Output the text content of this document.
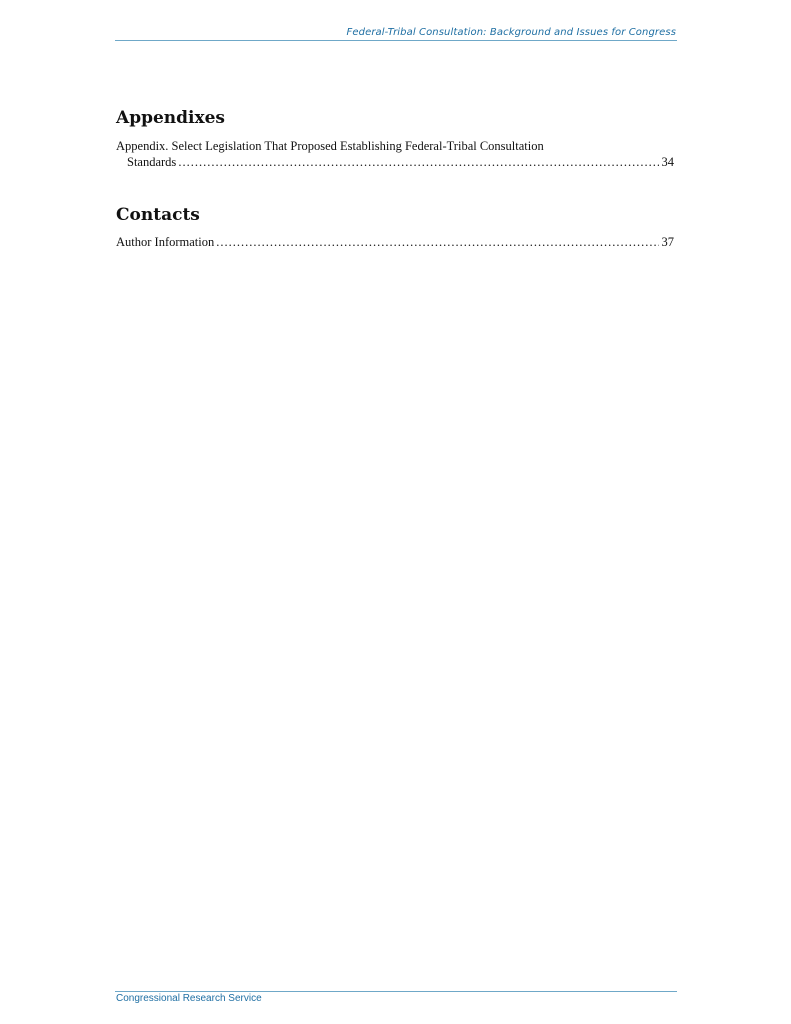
Federal-Tribal Consultation: Background and Issues for Congress
Appendixes
Appendix. Select Legislation That Proposed Establishing Federal-Tribal Consultation
Standards .....	34
Contacts
Author Information .....	37
Congressional Research Service
